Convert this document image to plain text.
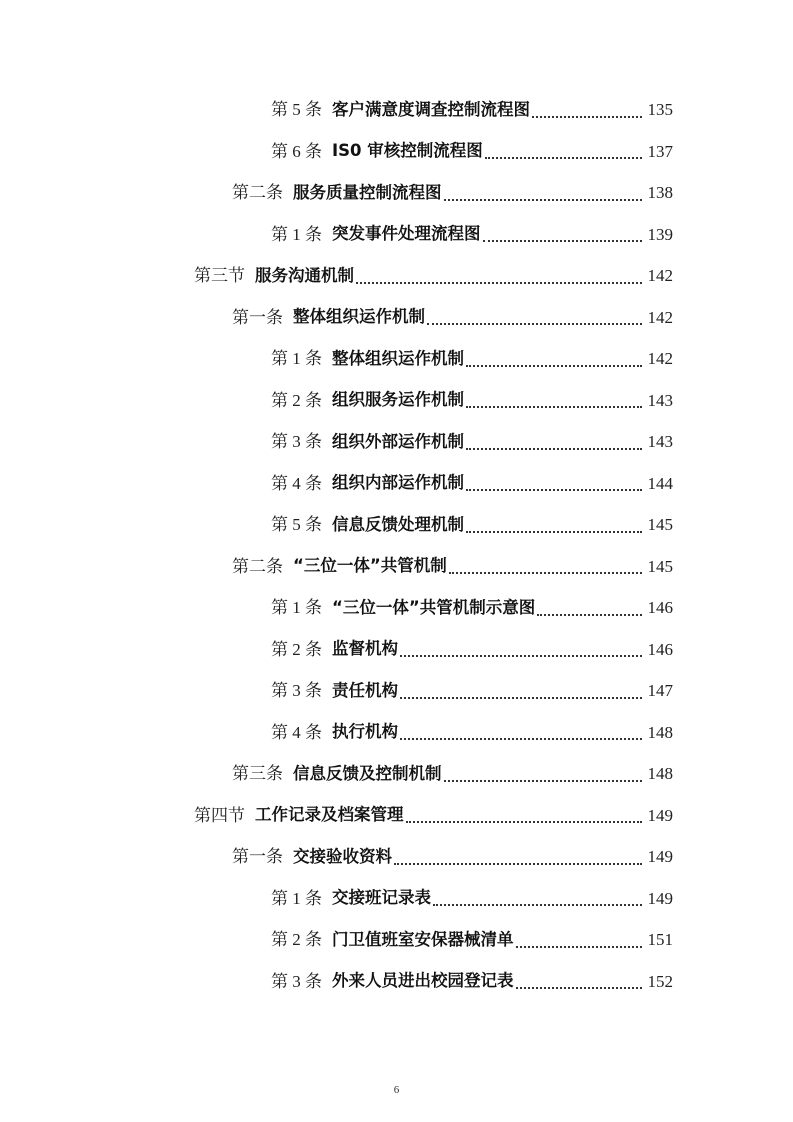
第 5 条 客户满意度调查控制流程图	135
第 6 条 IS0 审核控制流程图	137
第二条 服务质量控制流程图	138
第 1 条 突发事件处理流程图	139
第三节 服务沟通机制	142
第一条 整体组织运作机制	142
第 1 条 整体组织运作机制	142
第 2 条 组织服务运作机制	143
第 3 条 组织外部运作机制	143
第 4 条 组织内部运作机制	144
第 5 条 信息反馈处理机制	145
第二条 “三位一体”共管机制	145
第 1 条 “三位一体”共管机制示意图	146
第 2 条 监督机构	146
第 3 条 责任机构	147
第 4 条 执行机构	148
第三条 信息反馈及控制机制	148
第四节 工作记录及档案管理	149
第一条 交接验收资料	149
第 1 条 交接班记录表	149
第 2 条 门卫值班室安保器械清单	151
第 3 条 外来人员进出校园登记表	152
6
